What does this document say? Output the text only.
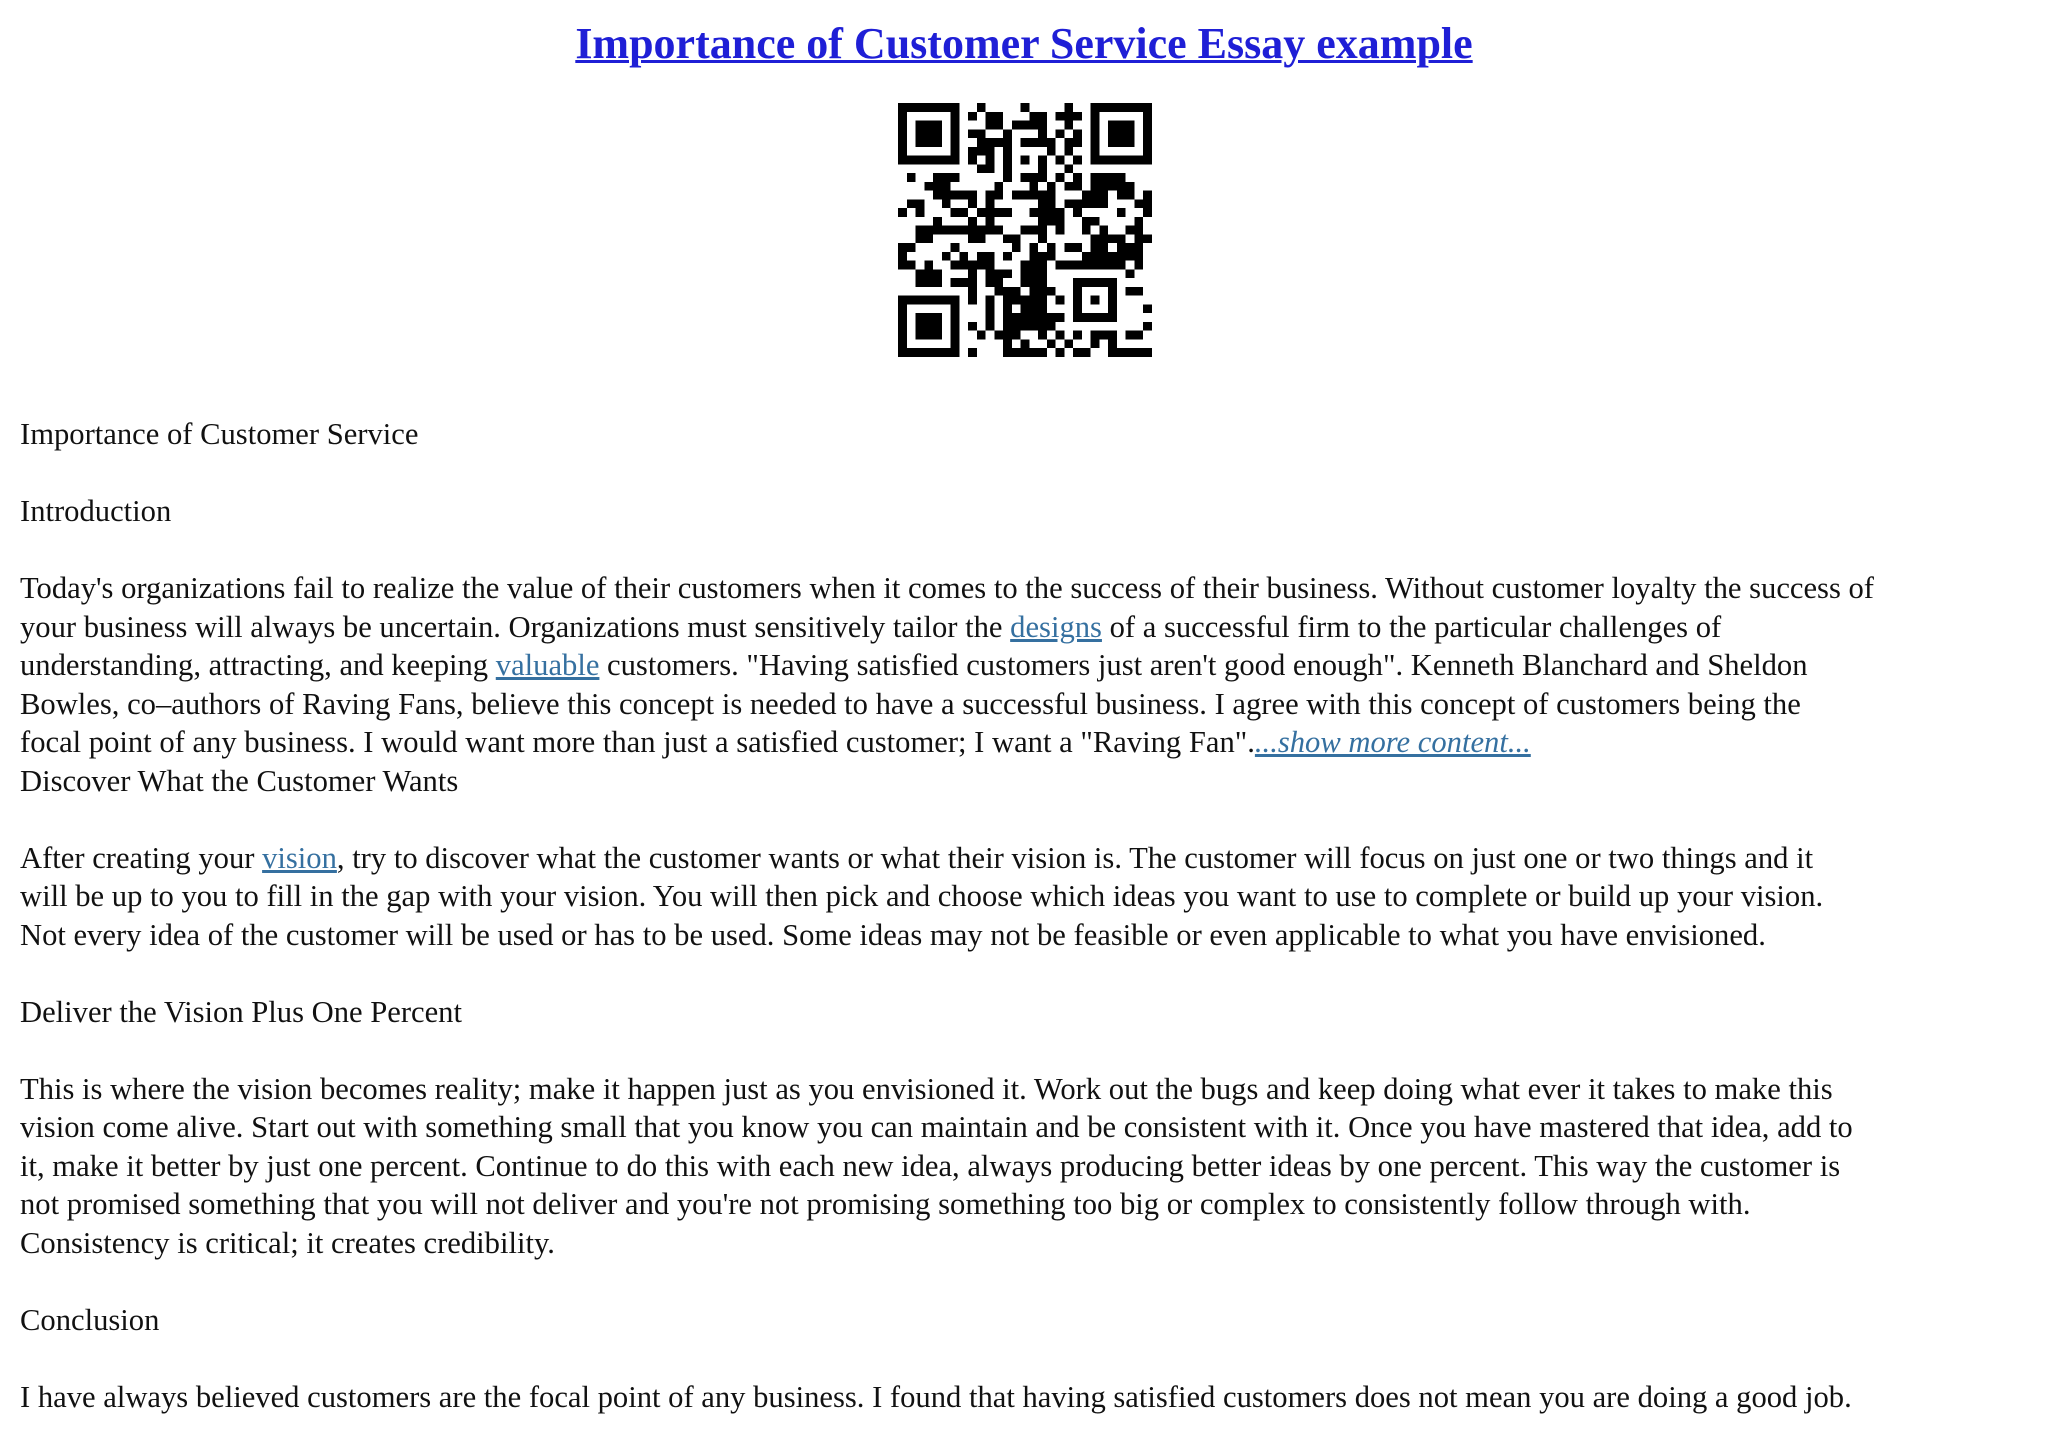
Importance of Customer Service Essay example

Importance of Customer Service

Introduction

Today's organizations fail to realize the value of their customers when it comes to the success of their business. Without customer loyalty the success of

your business will always be uncertain. Organizations must sensitively tailor the designs of a successful firm to the particular challenges of

understanding, attracting, and keeping valuable customers. "Having satisfied customers just aren't good enough". Kenneth Blanchard and Sheldon

Bowles, co–authors of Raving Fans, believe this concept is needed to have a successful business. I agree with this concept of customers being the

focal point of any business. I would want more than just a satisfied customer; I want a "Raving Fan"....show more content...

Discover What the Customer Wants

After creating your vision, try to discover what the customer wants or what their vision is. The customer will focus on just one or two things and it

will be up to you to fill in the gap with your vision. You will then pick and choose which ideas you want to use to complete or build up your vision.

Not every idea of the customer will be used or has to be used. Some ideas may not be feasible or even applicable to what you have envisioned.

Deliver the Vision Plus One Percent

This is where the vision becomes reality; make it happen just as you envisioned it. Work out the bugs and keep doing what ever it takes to make this

vision come alive. Start out with something small that you know you can maintain and be consistent with it. Once you have mastered that idea, add to

it, make it better by just one percent. Continue to do this with each new idea, always producing better ideas by one percent. This way the customer is

not promised something that you will not deliver and you're not promising something too big or complex to consistently follow through with.

Consistency is critical; it creates credibility.

Conclusion

I have always believed customers are the focal point of any business. I found that having satisfied customers does not mean you are doing a good job.
